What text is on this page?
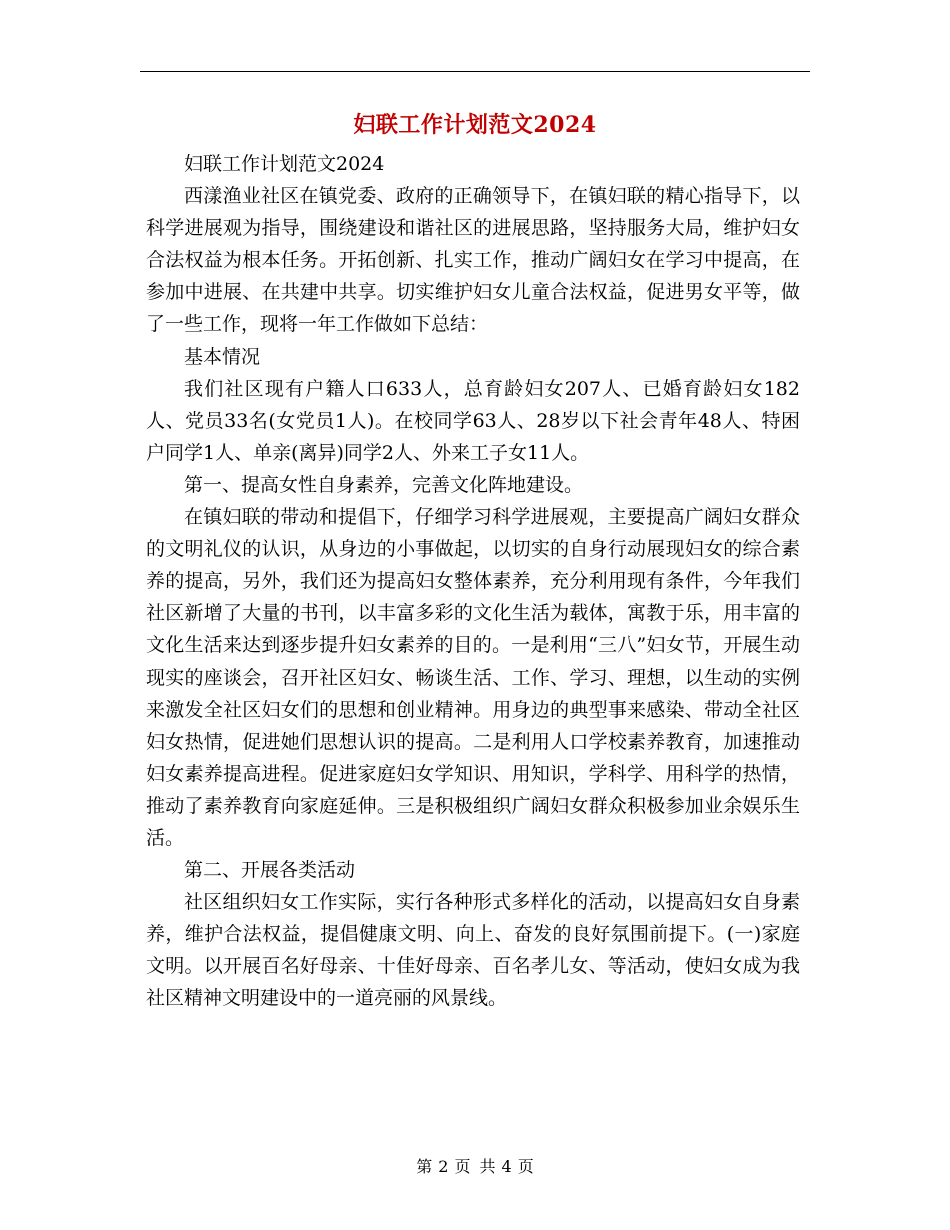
妇联工作计划范文2024

妇联工作计划范文2024

西漾渔业社区在镇党委、政府的正确领导下，在镇妇联的精心指导下，以科学进展观为指导，围绕建设和谐社区的进展思路，坚持服务大局，维护妇女合法权益为根本任务。开拓创新、扎实工作，推动广阔妇女在学习中提高，在参加中进展、在共建中共享。切实维护妇女儿童合法权益，促进男女平等，做了一些工作，现将一年工作做如下总结：

基本情况

我们社区现有户籍人口633人，总育龄妇女207人、已婚育龄妇女182人、党员33名(女党员1人)。在校同学63人、28岁以下社会青年48人、特困户同学1人、单亲(离异)同学2人、外来工子女11人。

第一、提高女性自身素养，完善文化阵地建设。

在镇妇联的带动和提倡下，仔细学习科学进展观，主要提高广阔妇女群众的文明礼仪的认识，从身边的小事做起，以切实的自身行动展现妇女的综合素养的提高，另外，我们还为提高妇女整体素养，充分利用现有条件，今年我们社区新增了大量的书刊，以丰富多彩的文化生活为载体，寓教于乐，用丰富的文化生活来达到逐步提升妇女素养的目的。一是利用“三八”妇女节，开展生动现实的座谈会，召开社区妇女、畅谈生活、工作、学习、理想，以生动的实例来激发全社区妇女们的思想和创业精神。用身边的典型事来感染、带动全社区妇女热情，促进她们思想认识的提高。二是利用人口学校素养教育，加速推动妇女素养提高进程。促进家庭妇女学知识、用知识，学科学、用科学的热情，推动了素养教育向家庭延伸。三是积极组织广阔妇女群众积极参加业余娱乐生活。

第二、开展各类活动

社区组织妇女工作实际，实行各种形式多样化的活动，以提高妇女自身素养，维护合法权益，提倡健康文明、向上、奋发的良好氛围前提下。(一)家庭文明。以开展百名好母亲、十佳好母亲、百名孝儿女、等活动，使妇女成为我社区精神文明建设中的一道亮丽的风景线。

第 2 页 共 4 页
